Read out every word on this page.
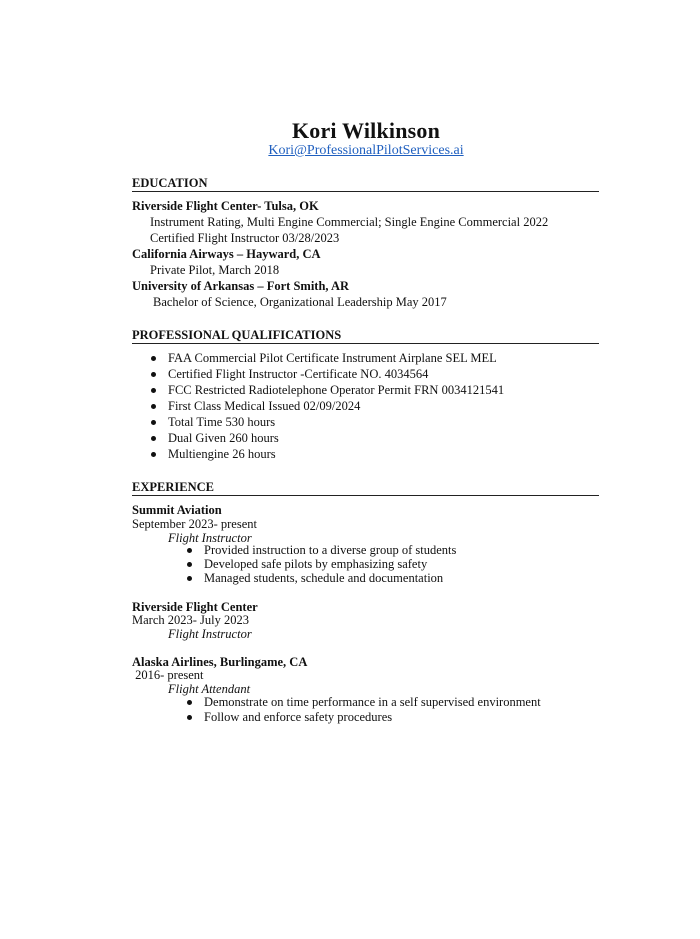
Kori Wilkinson
Kori@ProfessionalPilotServices.ai
EDUCATION
Riverside Flight Center- Tulsa, OK
Instrument Rating, Multi Engine Commercial; Single Engine Commercial 2022
Certified Flight Instructor 03/28/2023
California Airways – Hayward, CA
Private Pilot, March 2018
University of Arkansas – Fort Smith, AR
Bachelor of Science, Organizational Leadership May 2017
PROFESSIONAL QUALIFICATIONS
FAA Commercial Pilot Certificate Instrument Airplane SEL MEL
Certified Flight Instructor -Certificate NO. 4034564
FCC Restricted Radiotelephone Operator Permit FRN 0034121541
First Class Medical Issued 02/09/2024
Total Time 530 hours
Dual Given 260 hours
Multiengine 26 hours
EXPERIENCE
Summit Aviation
September 2023- present
Flight Instructor
Provided instruction to a diverse group of students
Developed safe pilots by emphasizing safety
Managed students, schedule and documentation
Riverside Flight Center
March 2023- July 2023
Flight Instructor
Alaska Airlines, Burlingame, CA
2016- present
Flight Attendant
Demonstrate on time performance in a self supervised environment
Follow and enforce safety procedures
